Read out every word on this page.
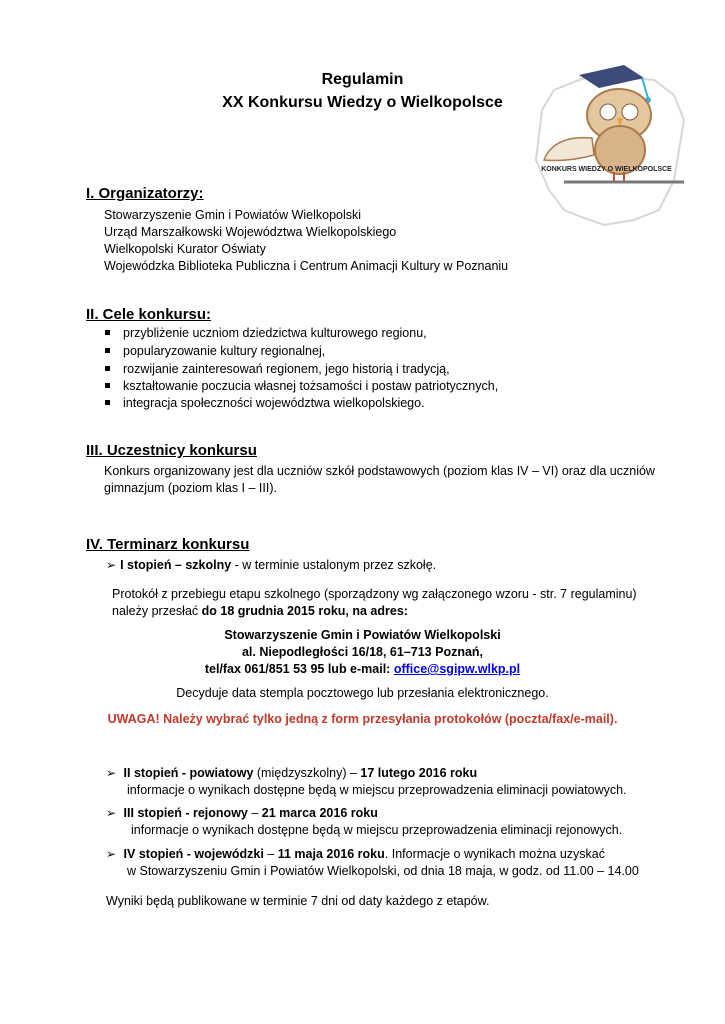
Regulamin
XX Konkursu Wiedzy o Wielkopolsce
KONKURS WIEDZY O WIELKOPOLSCE
I. Organizatorzy:
Stowarzyszenie Gmin i Powiatów Wielkopolski
Urząd Marszałkowski Województwa Wielkopolskiego
Wielkopolski Kurator Oświaty
Wojewódzka Biblioteka Publiczna i Centrum Animacji Kultury w Poznaniu
II. Cele konkursu:
przybliżenie uczniom dziedzictwa kulturowego regionu,
popularyzowanie kultury regionalnej,
rozwijanie zainteresowań regionem, jego historią i tradycją,
kształtowanie poczucia własnej tożsamości i postaw patriotycznych,
integracja społeczności województwa wielkopolskiego.
III. Uczestnicy konkursu
Konkurs organizowany jest dla uczniów szkół podstawowych (poziom klas IV – VI) oraz dla uczniów
gimnazjum (poziom klas I – III).
IV. Terminarz konkursu
➢ I stopień – szkolny - w terminie ustalonym przez szkołę.
Protokół z przebiegu etapu szkolnego (sporządzony wg załączonego wzoru - str. 7 regulaminu)
należy przesłać do 18 grudnia 2015 roku, na adres:
Stowarzyszenie Gmin i Powiatów Wielkopolski
al. Niepodległości 16/18, 61–713 Poznań,
tel/fax 061/851 53 95 lub e-mail: office@sgipw.wlkp.pl
Decyduje data stempla pocztowego lub przesłania elektronicznego.
UWAGA! Należy wybrać tylko jedną z form przesyłania protokołów (poczta/fax/e-mail).
➢ II stopień - powiatowy (międzyszkolny) – 17 lutego 2016 roku
informacje o wynikach dostępne będą w miejscu przeprowadzenia eliminacji powiatowych.
➢ III stopień - rejonowy – 21 marca 2016 roku
informacje o wynikach dostępne będą w miejscu przeprowadzenia eliminacji rejonowych.
➢ IV stopień - wojewódzki – 11 maja 2016 roku. Informacje o wynikach można uzyskać
w Stowarzyszeniu Gmin i Powiatów Wielkopolski, od dnia 18 maja, w godz. od 11.00 – 14.00
Wyniki będą publikowane w terminie 7 dni od daty każdego z etapów.
